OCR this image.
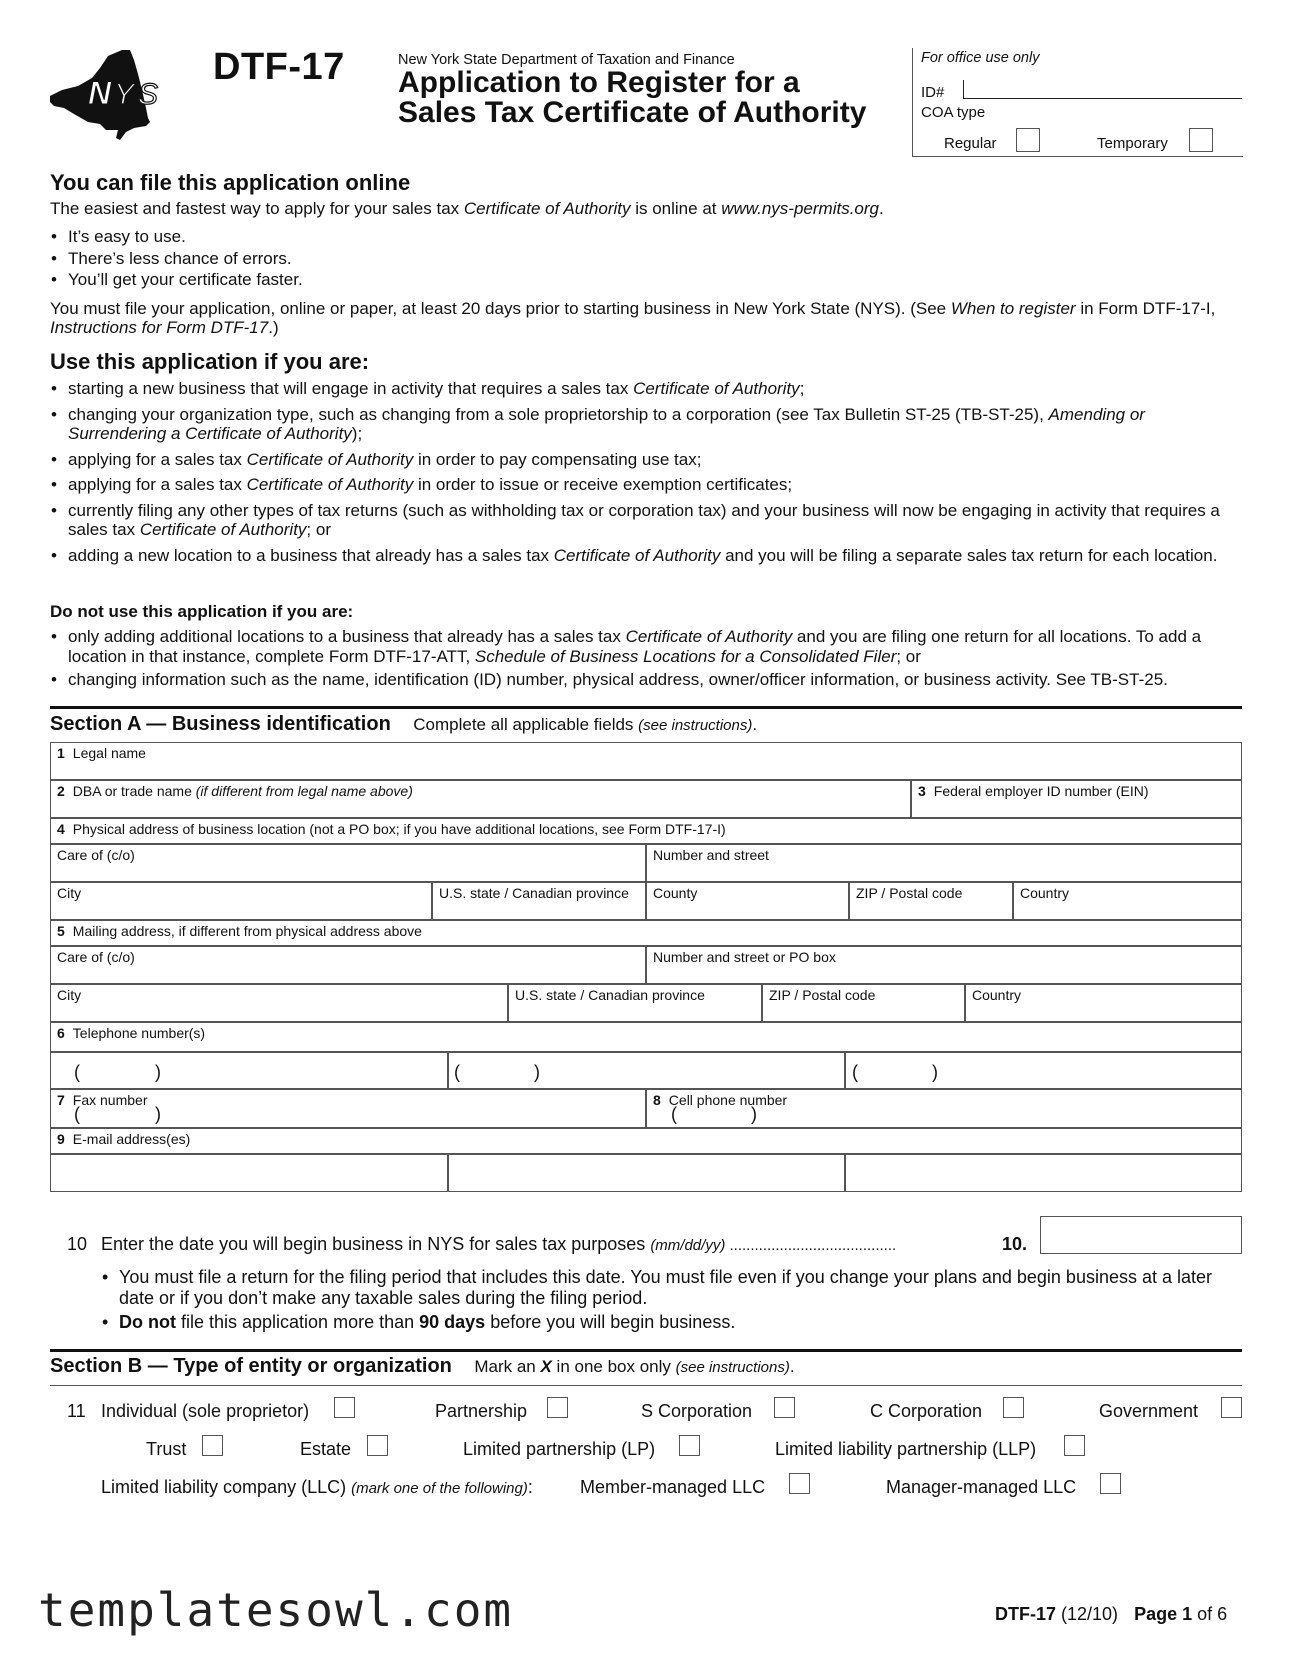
N Y S
DTF-17	New York State Department of Taxation and Finance
Application to Register for a
Sales Tax Certificate of Authority
For office use only
ID#
COA type
Regular	Temporary
You can file this application online
The easiest and fastest way to apply for your sales tax Certificate of Authority is online at www.nys-permits.org.
• It’s easy to use.
• There’s less chance of errors.
• You’ll get your certificate faster.
You must file your application, online or paper, at least 20 days prior to starting business in New York State (NYS). (See When to register in Form DTF-17-I, Instructions for Form DTF-17.)
Use this application if you are:
• starting a new business that will engage in activity that requires a sales tax Certificate of Authority;
• changing your organization type, such as changing from a sole proprietorship to a corporation (see Tax Bulletin ST-25 (TB-ST-25), Amending or Surrendering a Certificate of Authority);
• applying for a sales tax Certificate of Authority in order to pay compensating use tax;
• applying for a sales tax Certificate of Authority in order to issue or receive exemption certificates;
• currently filing any other types of tax returns (such as withholding tax or corporation tax) and your business will now be engaging in activity that requires a sales tax Certificate of Authority; or
• adding a new location to a business that already has a sales tax Certificate of Authority and you will be filing a separate sales tax return for each location.
Do not use this application if you are:
• only adding additional locations to a business that already has a sales tax Certificate of Authority and you are filing one return for all locations. To add a location in that instance, complete Form DTF-17-ATT, Schedule of Business Locations for a Consolidated Filer; or
• changing information such as the name, identification (ID) number, physical address, owner/officer information, or business activity. See TB-ST-25.
Section A — Business identification Complete all applicable fields (see instructions).
1 Legal name
2 DBA or trade name (if different from legal name above)	3 Federal employer ID number (EIN)
4 Physical address of business location (not a PO box; if you have additional locations, see Form DTF-17-I)
Care of (c/o)	Number and street
City	U.S. state / Canadian province	County	ZIP / Postal code	Country
5 Mailing address, if different from physical address above
Care of (c/o)	Number and street or PO box
City	U.S. state / Canadian province	ZIP / Postal code	Country
6 Telephone number(s)
(	)	(	)	(	)
7 Fax number
(	)
8 Cell phone number
(	)
9 E-mail address(es)
10 Enter the date you will begin business in NYS for sales tax purposes (mm/dd/yy) ........................................	10.
• You must file a return for the filing period that includes this date. You must file even if you change your plans and begin business at a later date or if you don’t make any taxable sales during the filing period.
• Do not file this application more than 90 days before you will begin business.
Section B — Type of entity or organization Mark an X in one box only (see instructions).
11 Individual (sole proprietor)	Partnership	S Corporation	C Corporation	Government
Trust	Estate	Limited partnership (LP)	Limited liability partnership (LLP)
Limited liability company (LLC) (mark one of the following):	Member-managed LLC	Manager-managed LLC
templatesowl.com	DTF-17 (12/10) Page 1 of 6
